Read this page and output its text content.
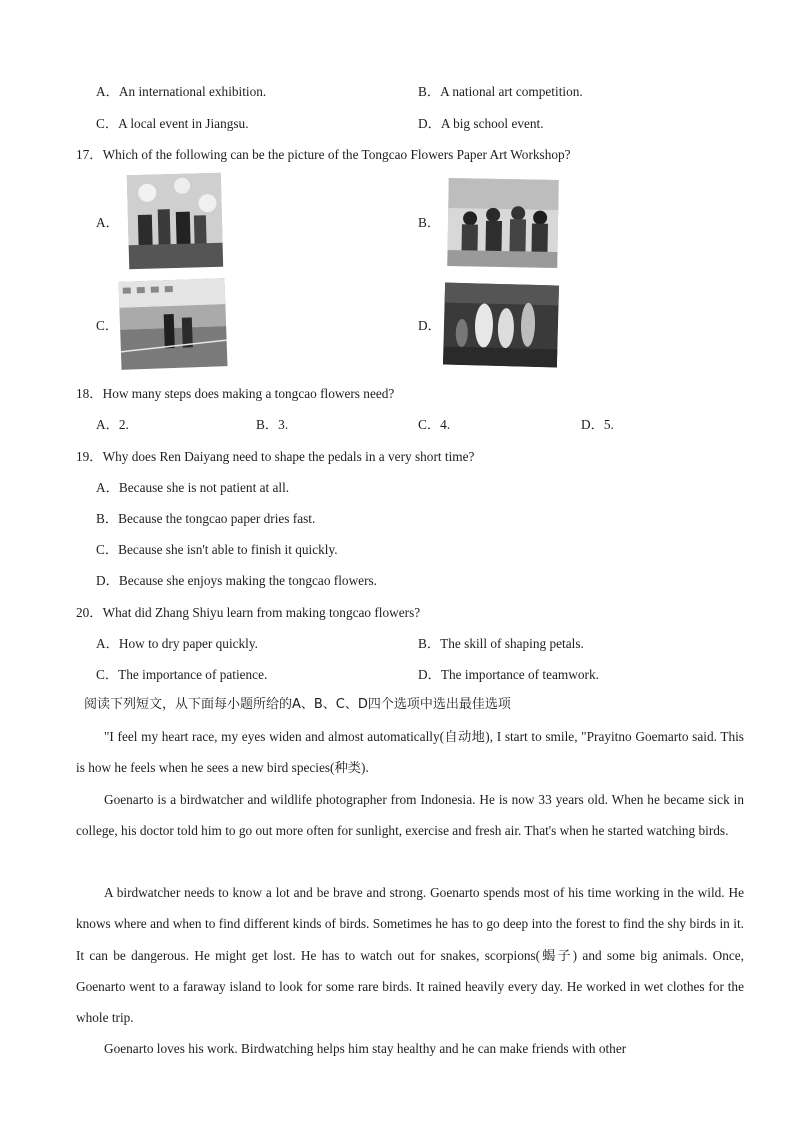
A．An international exhibition.	B．A national art competition.
C．A local event in Jiangsu.	D．A big school event.
17．Which of the following can be the picture of the Tongcao Flowers Paper Art Workshop?
A．	B．
C．	D．
18．How many steps does making a tongcao flowers need?
A．2.	B．3.	C．4.	D．5.
19．Why does Ren Daiyang need to shape the pedals in a very short time?
A．Because she is not patient at all.
B．Because the tongcao paper dries fast.
C．Because she isn't able to finish it quickly.
D．Because she enjoys making the tongcao flowers.
20．What did Zhang Shiyu learn from making tongcao flowers?
A．How to dry paper quickly.	B．The skill of shaping petals.
C．The importance of patience.	D．The importance of teamwork.
阅读下列短文，从下面每小题所给的A、B、C、D四个选项中选出最佳选项
"I feel my heart race, my eyes widen and almost automatically(自动地), I start to smile, "Prayitno Goemarto said. This is how he feels when he sees a new bird species(种类).
Goenarto is a birdwatcher and wildlife photographer from Indonesia. He is now 33 years old. When he became sick in college, his doctor told him to go out more often for sunlight, exercise and fresh air. That's when he started watching birds.
A birdwatcher needs to know a lot and be brave and strong. Goenarto spends most of his time working in the wild. He knows where and when to find different kinds of birds. Sometimes he has to go deep into the forest to find the shy birds in it. It can be dangerous. He might get lost. He has to watch out for snakes, scorpions(蝎子) and some big animals. Once, Goenarto went to a faraway island to look for some rare birds. It rained heavily every day. He worked in wet clothes for the whole trip.
Goenarto loves his work. Birdwatching helps him stay healthy and he can make friends with other
